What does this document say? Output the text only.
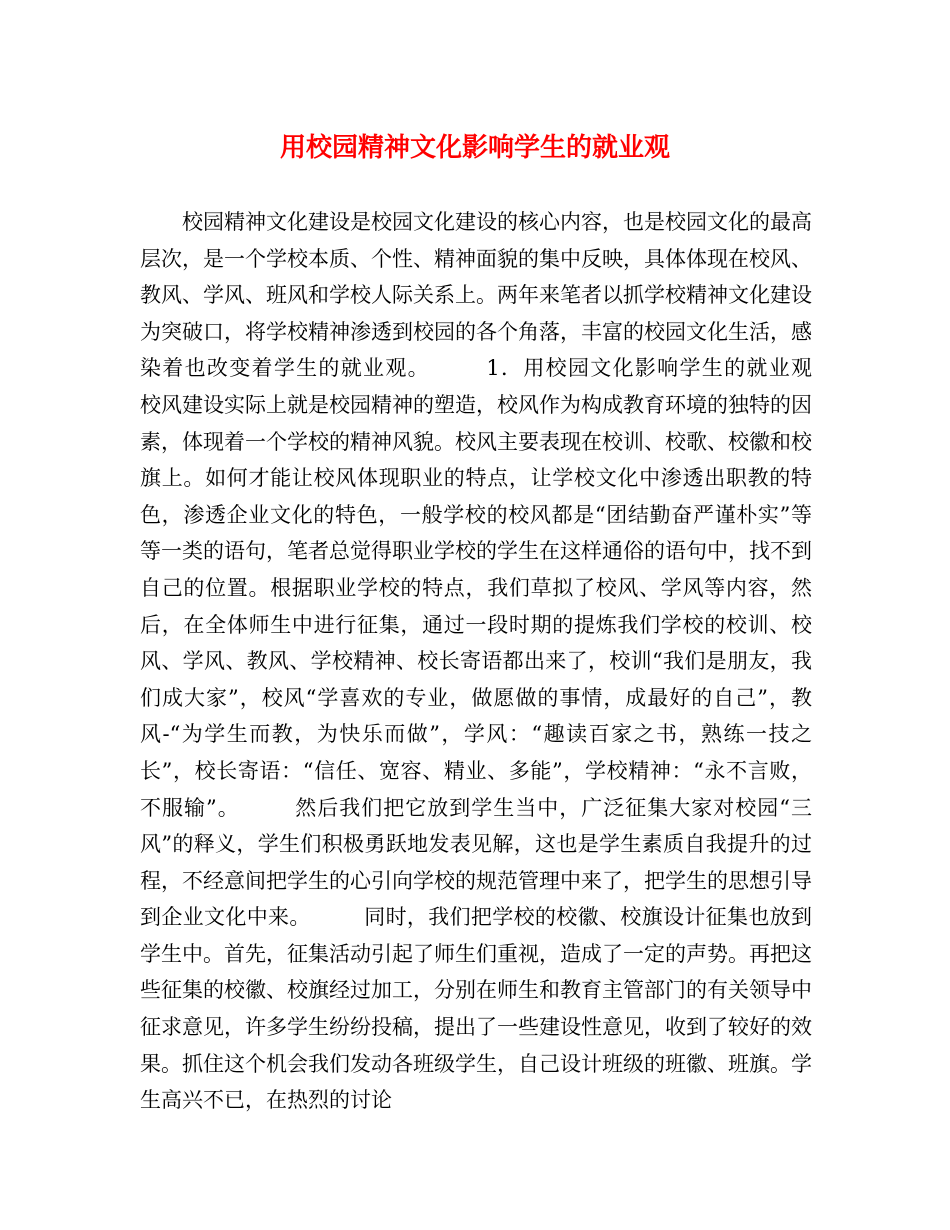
用校园精神文化影响学生的就业观

校园精神文化建设是校园文化建设的核心内容，也是校园文化的最高层次，是一个学校本质、个性、精神面貌的集中反映，具体体现在校风、教风、学风、班风和学校人际关系上。两年来笔者以抓学校精神文化建设为突破口，将学校精神渗透到校园的各个角落，丰富的校园文化生活，感染着也改变着学生的就业观。　　　1．用校园文化影响学生的就业观　　　校风建设实际上就是校园精神的塑造，校风作为构成教育环境的独特的因素，体现着一个学校的精神风貌。校风主要表现在校训、校歌、校徽和校旗上。如何才能让校风体现职业的特点，让学校文化中渗透出职教的特色，渗透企业文化的特色，一般学校的校风都是“团结勤奋严谨朴实”等等一类的语句，笔者总觉得职业学校的学生在这样通俗的语句中，找不到自己的位置。根据职业学校的特点，我们草拟了校风、学风等内容，然后，在全体师生中进行征集，通过一段时期的提炼我们学校的校训、校风、学风、教风、学校精神、校长寄语都出来了，校训“我们是朋友，我们成大家”，校风“学喜欢的专业，做愿做的事情，成最好的自己”，教风-“为学生而教，为快乐而做”，学风：“趣读百家之书，熟练一技之长”，校长寄语：“信任、宽容、精业、多能”，学校精神：“永不言败，不服输”。　　　然后我们把它放到学生当中，广泛征集大家对校园“三风”的释义，学生们积极勇跃地发表见解，这也是学生素质自我提升的过程，不经意间把学生的心引向学校的规范管理中来了，把学生的思想引导到企业文化中来。　　　同时，我们把学校的校徽、校旗设计征集也放到学生中。首先，征集活动引起了师生们重视，造成了一定的声势。再把这些征集的校徽、校旗经过加工，分别在师生和教育主管部门的有关领导中征求意见，许多学生纷纷投稿，提出了一些建设性意见，收到了较好的效果。抓住这个机会我们发动各班级学生，自己设计班级的班徽、班旗。学生高兴不已，在热烈的讨论
